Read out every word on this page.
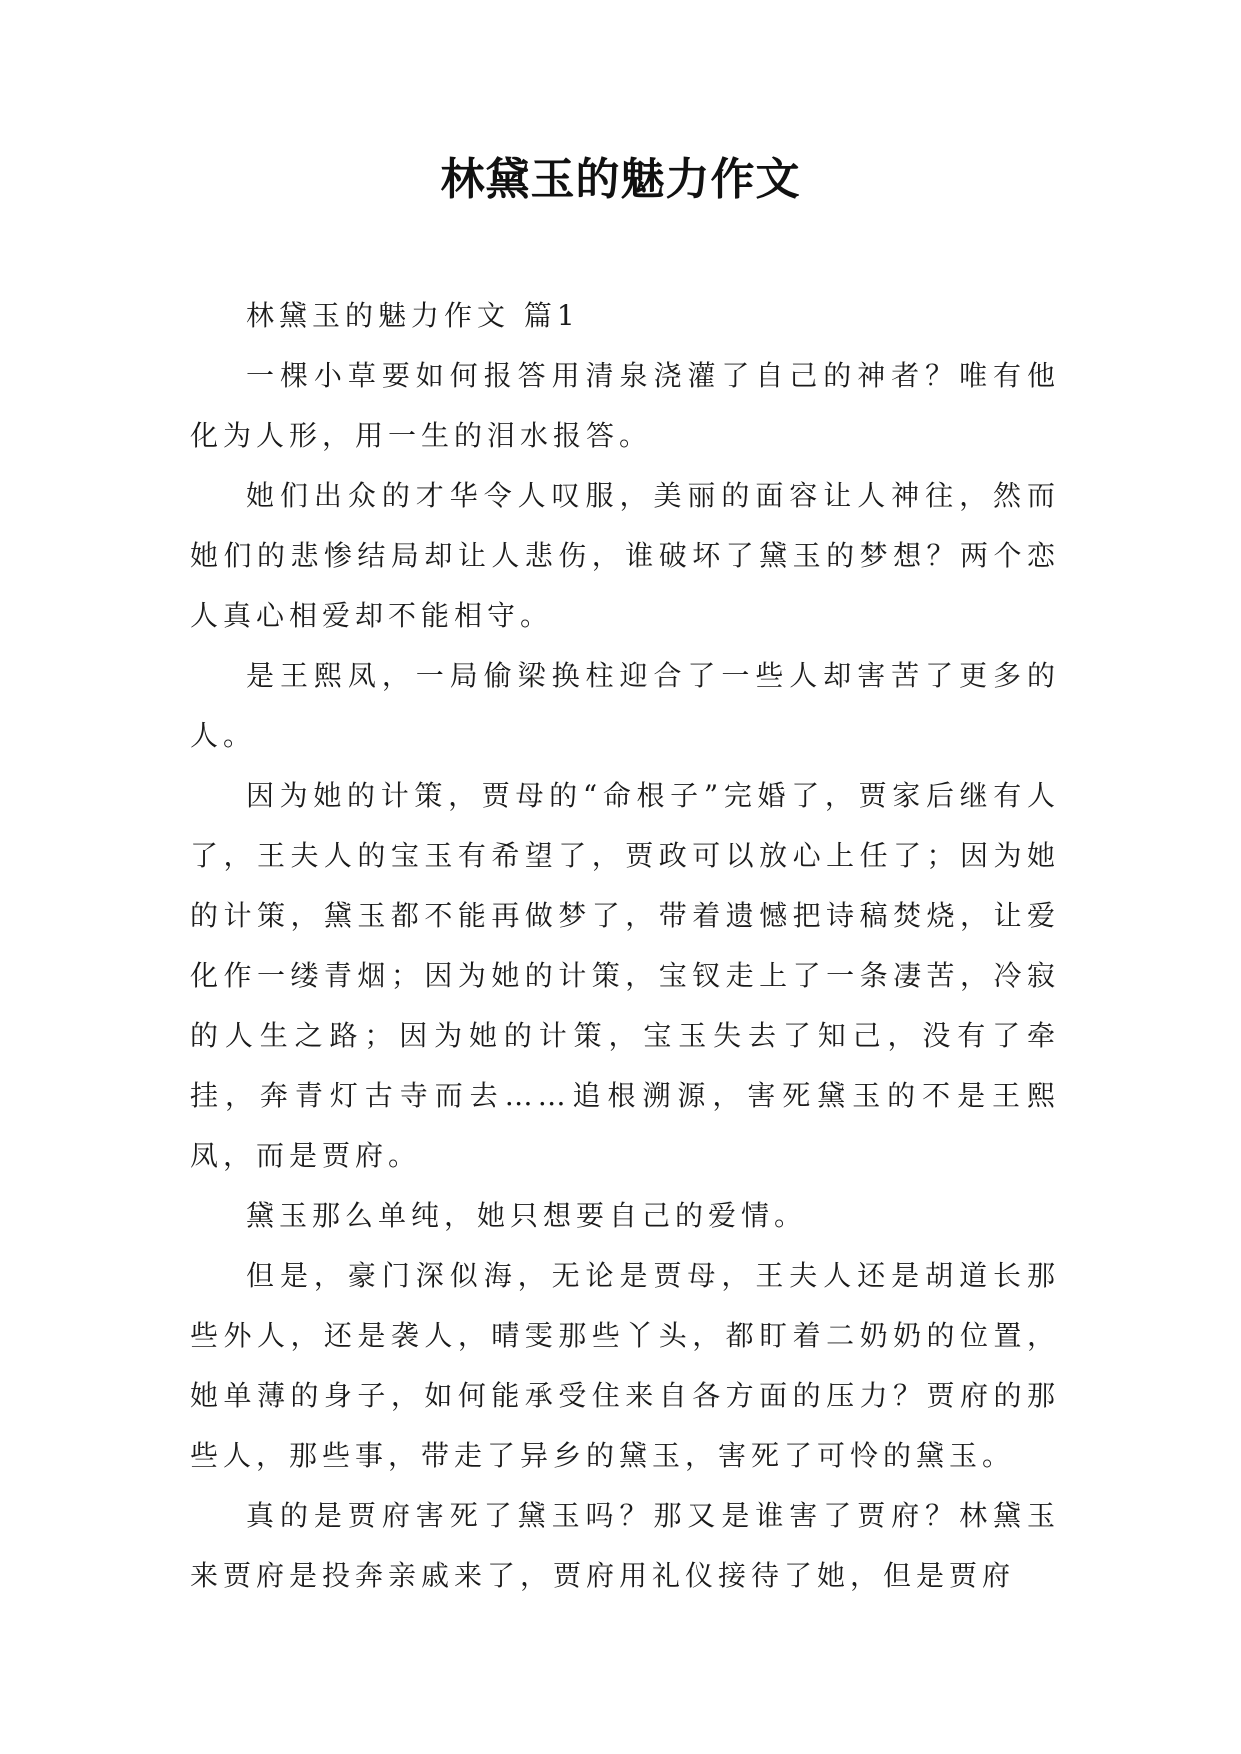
林黛玉的魅力作文

林黛玉的魅力作文 篇1

一棵小草要如何报答用清泉浇灌了自己的神者？唯有他化为人形，用一生的泪水报答。

她们出众的才华令人叹服，美丽的面容让人神往，然而她们的悲惨结局却让人悲伤，谁破坏了黛玉的梦想？两个恋人真心相爱却不能相守。

是王熙凤，一局偷梁换柱迎合了一些人却害苦了更多的人。

因为她的计策，贾母的“命根子”完婚了，贾家后继有人了，王夫人的宝玉有希望了，贾政可以放心上任了；因为她的计策，黛玉都不能再做梦了，带着遗憾把诗稿焚烧，让爱化作一缕青烟；因为她的计策，宝钗走上了一条凄苦，冷寂的人生之路；因为她的计策，宝玉失去了知己，没有了牵挂，奔青灯古寺而去……追根溯源，害死黛玉的不是王熙凤，而是贾府。

黛玉那么单纯，她只想要自己的爱情。

但是，豪门深似海，无论是贾母，王夫人还是胡道长那些外人，还是袭人，晴雯那些丫头，都盯着二奶奶的位置，她单薄的身子，如何能承受住来自各方面的压力？贾府的那些人，那些事，带走了异乡的黛玉，害死了可怜的黛玉。

真的是贾府害死了黛玉吗？那又是谁害了贾府？林黛玉来贾府是投奔亲戚来了，贾府用礼仪接待了她，但是贾府
